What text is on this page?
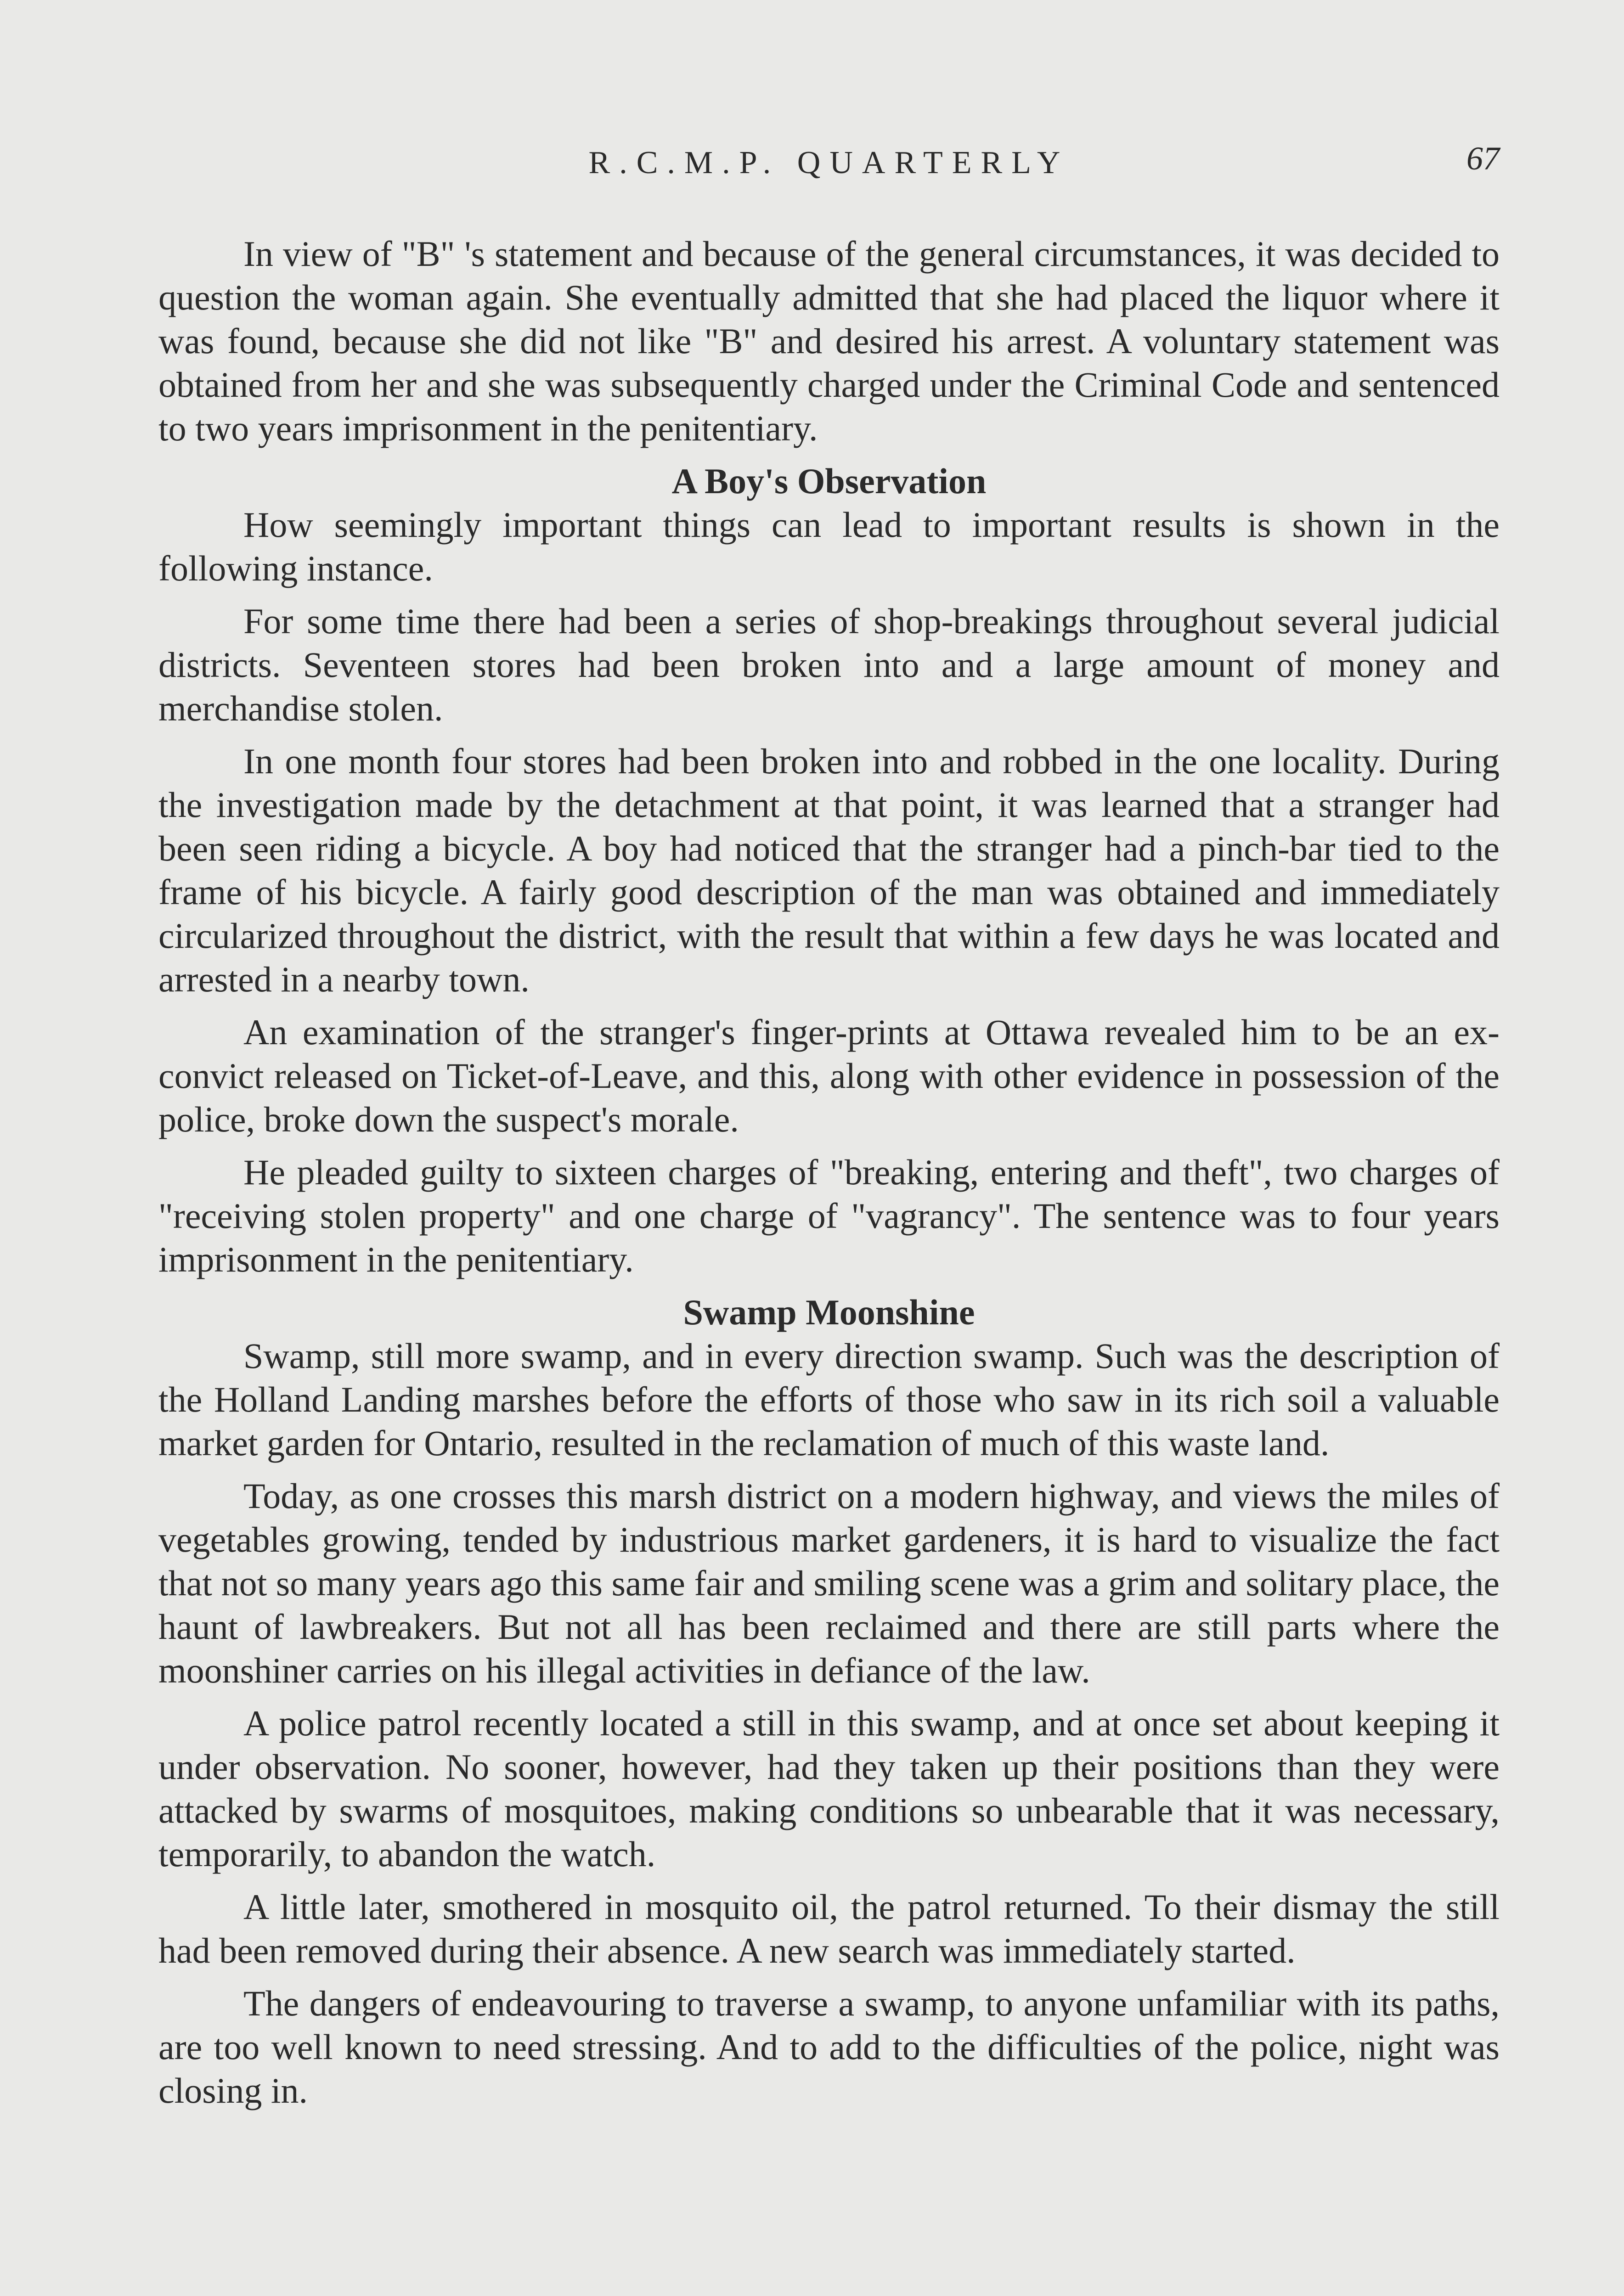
R.C.M.P. QUARTERLY	67

In view of "B" 's statement and because of the general circumstances, it was decided to question the woman again. She eventually admitted that she had placed the liquor where it was found, because she did not like "B" and desired his arrest. A voluntary statement was obtained from her and she was subsequently charged under the Criminal Code and sentenced to two years imprisonment in the penitentiary.

A Boy's Observation

How seemingly important things can lead to important results is shown in the following instance.

For some time there had been a series of shop-breakings throughout several judicial districts. Seventeen stores had been broken into and a large amount of money and merchandise stolen.

In one month four stores had been broken into and robbed in the one locality. During the investigation made by the detachment at that point, it was learned that a stranger had been seen riding a bicycle. A boy had noticed that the stranger had a pinch-bar tied to the frame of his bicycle. A fairly good description of the man was obtained and immediately circularized throughout the district, with the result that within a few days he was located and arrested in a nearby town.

An examination of the stranger's finger-prints at Ottawa revealed him to be an ex-convict released on Ticket-of-Leave, and this, along with other evidence in possession of the police, broke down the suspect's morale.

He pleaded guilty to sixteen charges of "breaking, entering and theft", two charges of "receiving stolen property" and one charge of "vagrancy". The sentence was to four years imprisonment in the penitentiary.

Swamp Moonshine

Swamp, still more swamp, and in every direction swamp. Such was the description of the Holland Landing marshes before the efforts of those who saw in its rich soil a valuable market garden for Ontario, resulted in the reclamation of much of this waste land.

Today, as one crosses this marsh district on a modern highway, and views the miles of vegetables growing, tended by industrious market gardeners, it is hard to visualize the fact that not so many years ago this same fair and smiling scene was a grim and solitary place, the haunt of lawbreakers. But not all has been reclaimed and there are still parts where the moonshiner carries on his illegal activities in defiance of the law.

A police patrol recently located a still in this swamp, and at once set about keeping it under observation. No sooner, however, had they taken up their positions than they were attacked by swarms of mosquitoes, making conditions so unbearable that it was necessary, temporarily, to abandon the watch.

A little later, smothered in mosquito oil, the patrol returned. To their dismay the still had been removed during their absence. A new search was immediately started.

The dangers of endeavouring to traverse a swamp, to anyone unfamiliar with its paths, are too well known to need stressing. And to add to the difficulties of the police, night was closing in.
